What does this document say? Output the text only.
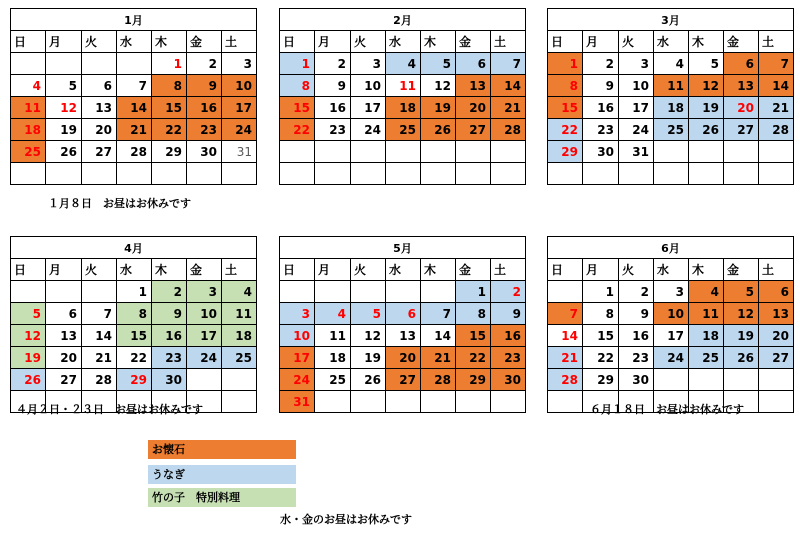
1月						
日	月	火	水	木	金	土
				1	2	3
4	5	6	7	8	9	10
11	12	13	14	15	16	17
18	19	20	21	22	23	24
25	26	27	28	29	30	31

2月						
日	月	火	水	木	金	土
1	2	3	4	5	6	7
8	9	10	11	12	13	14
15	16	17	18	19	20	21
22	23	24	25	26	27	28

3月						
日	月	火	水	木	金	土
1	2	3	4	5	6	7
8	9	10	11	12	13	14
15	16	17	18	19	20	21
22	23	24	25	26	27	28
29	30	31				

4月						
日	月	火	水	木	金	土
			1	2	3	4
5	6	7	8	9	10	11
12	13	14	15	16	17	18
19	20	21	22	23	24	25
26	27	28	29	30		

5月						
日	月	火	水	木	金	土
					1	2
3	4	5	6	7	8	9
10	11	12	13	14	15	16
17	18	19	20	21	22	23
24	25	26	27	28	29	30
31						
6月						
日	月	火	水	木	金	土
	1	2	3	4	5	6
7	8	9	10	11	12	13
14	15	16	17	18	19	20
21	22	23	24	25	26	27
28	29	30				

１月８日　お昼はお休みです
４月２日・２３日　お昼はお休みです	６月１８日　お昼はお休みです
お懐石
うなぎ
竹の子　特別料理
水・金のお昼はお休みです
